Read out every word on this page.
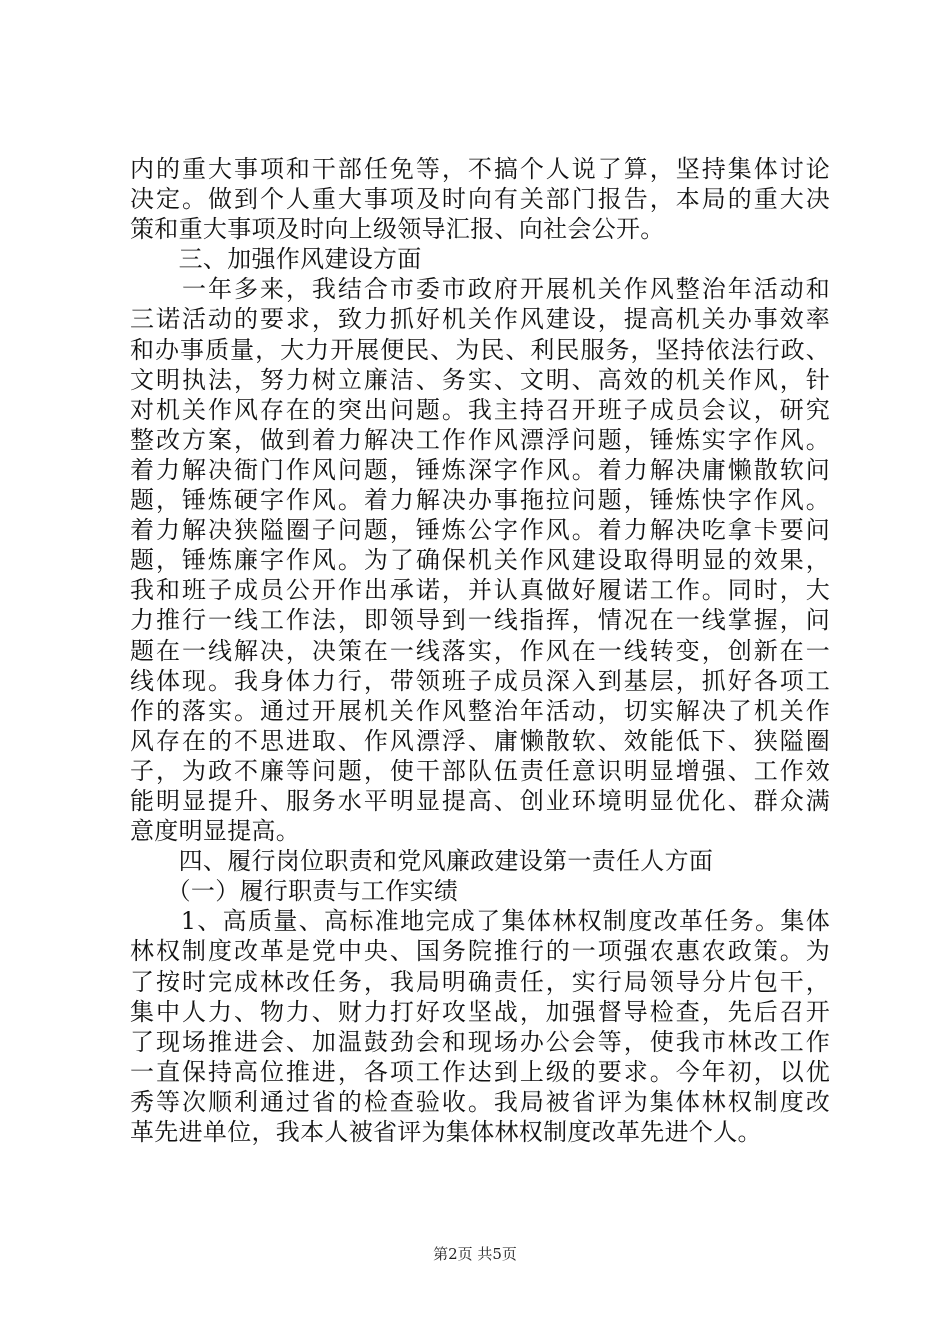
内的重大事项和干部任免等，不搞个人说了算，坚持集体讨论
决定。做到个人重大事项及时向有关部门报告，本局的重大决
策和重大事项及时向上级领导汇报、向社会公开。
　　三、加强作风建设方面
　　一年多来，我结合市委市政府开展机关作风整治年活动和
三诺活动的要求，致力抓好机关作风建设，提高机关办事效率
和办事质量，大力开展便民、为民、利民服务，坚持依法行政、
文明执法，努力树立廉洁、务实、文明、高效的机关作风，针
对机关作风存在的突出问题。我主持召开班子成员会议，研究
整改方案，做到着力解决工作作风漂浮问题，锤炼实字作风。
着力解决衙门作风问题，锤炼深字作风。着力解决庸懒散软问
题，锤炼硬字作风。着力解决办事拖拉问题，锤炼快字作风。
着力解决狭隘圈子问题，锤炼公字作风。着力解决吃拿卡要问
题，锤炼廉字作风。为了确保机关作风建设取得明显的效果，
我和班子成员公开作出承诺，并认真做好履诺工作。同时，大
力推行一线工作法，即领导到一线指挥，情况在一线掌握，问
题在一线解决，决策在一线落实，作风在一线转变，创新在一
线体现。我身体力行，带领班子成员深入到基层，抓好各项工
作的落实。通过开展机关作风整治年活动，切实解决了机关作
风存在的不思进取、作风漂浮、庸懒散软、效能低下、狭隘圈
子，为政不廉等问题，使干部队伍责任意识明显增强、工作效
能明显提升、服务水平明显提高、创业环境明显优化、群众满
意度明显提高。
　　四、履行岗位职责和党风廉政建设第一责任人方面
　　（一）履行职责与工作实绩
　　1、高质量、高标准地完成了集体林权制度改革任务。集体
林权制度改革是党中央、国务院推行的一项强农惠农政策。为
了按时完成林改任务，我局明确责任，实行局领导分片包干，
集中人力、物力、财力打好攻坚战，加强督导检查，先后召开
了现场推进会、加温鼓劲会和现场办公会等，使我市林改工作
一直保持高位推进，各项工作达到上级的要求。今年初，以优
秀等次顺利通过省的检查验收。我局被省评为集体林权制度改
革先进单位，我本人被省评为集体林权制度改革先进个人。
第2页 共5页
